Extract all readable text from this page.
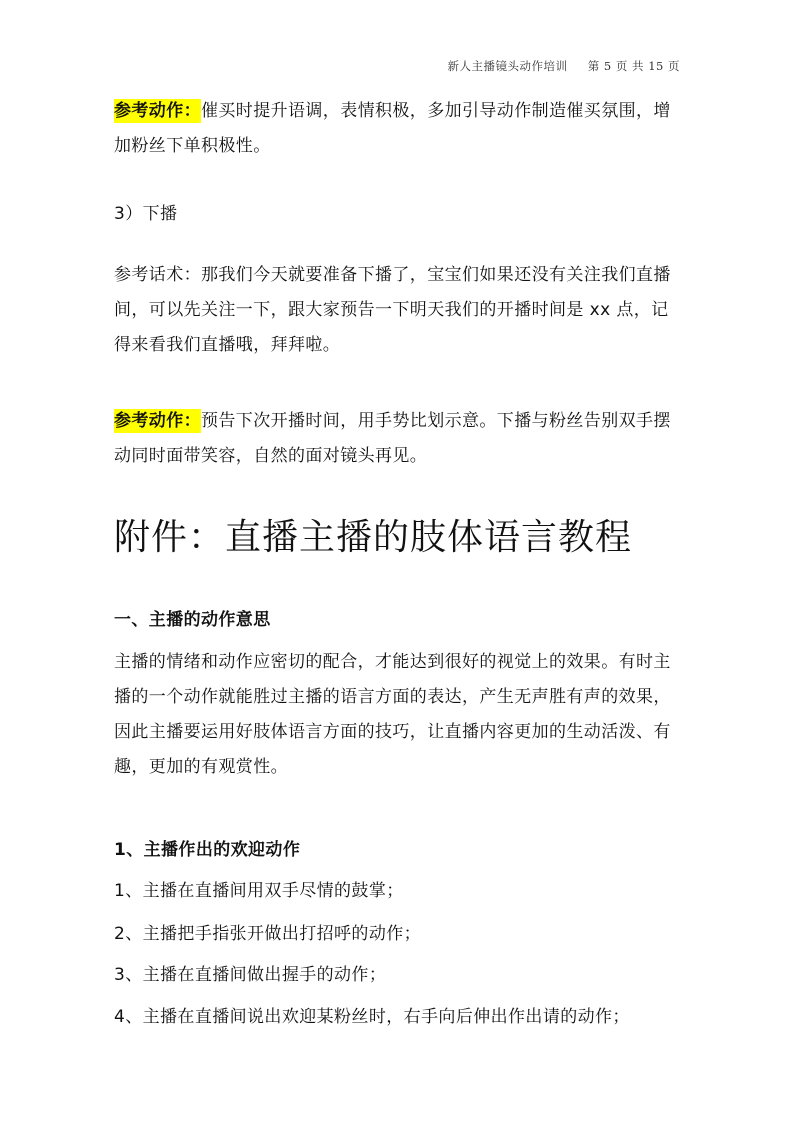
新人主播镜头动作培训 第 5 页 共 15 页

参考动作：催买时提升语调，表情积极，多加引导动作制造催买氛围，增加粉丝下单积极性。

3）下播

参考话术：那我们今天就要准备下播了，宝宝们如果还没有关注我们直播间，可以先关注一下，跟大家预告一下明天我们的开播时间是 xx 点，记得来看我们直播哦，拜拜啦。

参考动作：预告下次开播时间，用手势比划示意。下播与粉丝告别双手摆动同时面带笑容，自然的面对镜头再见。

附件：直播主播的肢体语言教程

一、主播的动作意思

主播的情绪和动作应密切的配合，才能达到很好的视觉上的效果。有时主播的一个动作就能胜过主播的语言方面的表达，产生无声胜有声的效果，因此主播要运用好肢体语言方面的技巧，让直播内容更加的生动活泼、有趣，更加的有观赏性。

1、主播作出的欢迎动作

1、主播在直播间用双手尽情的鼓掌；

2、主播把手指张开做出打招呼的动作；

3、主播在直播间做出握手的动作；

4、主播在直播间说出欢迎某粉丝时，右手向后伸出作出请的动作；
